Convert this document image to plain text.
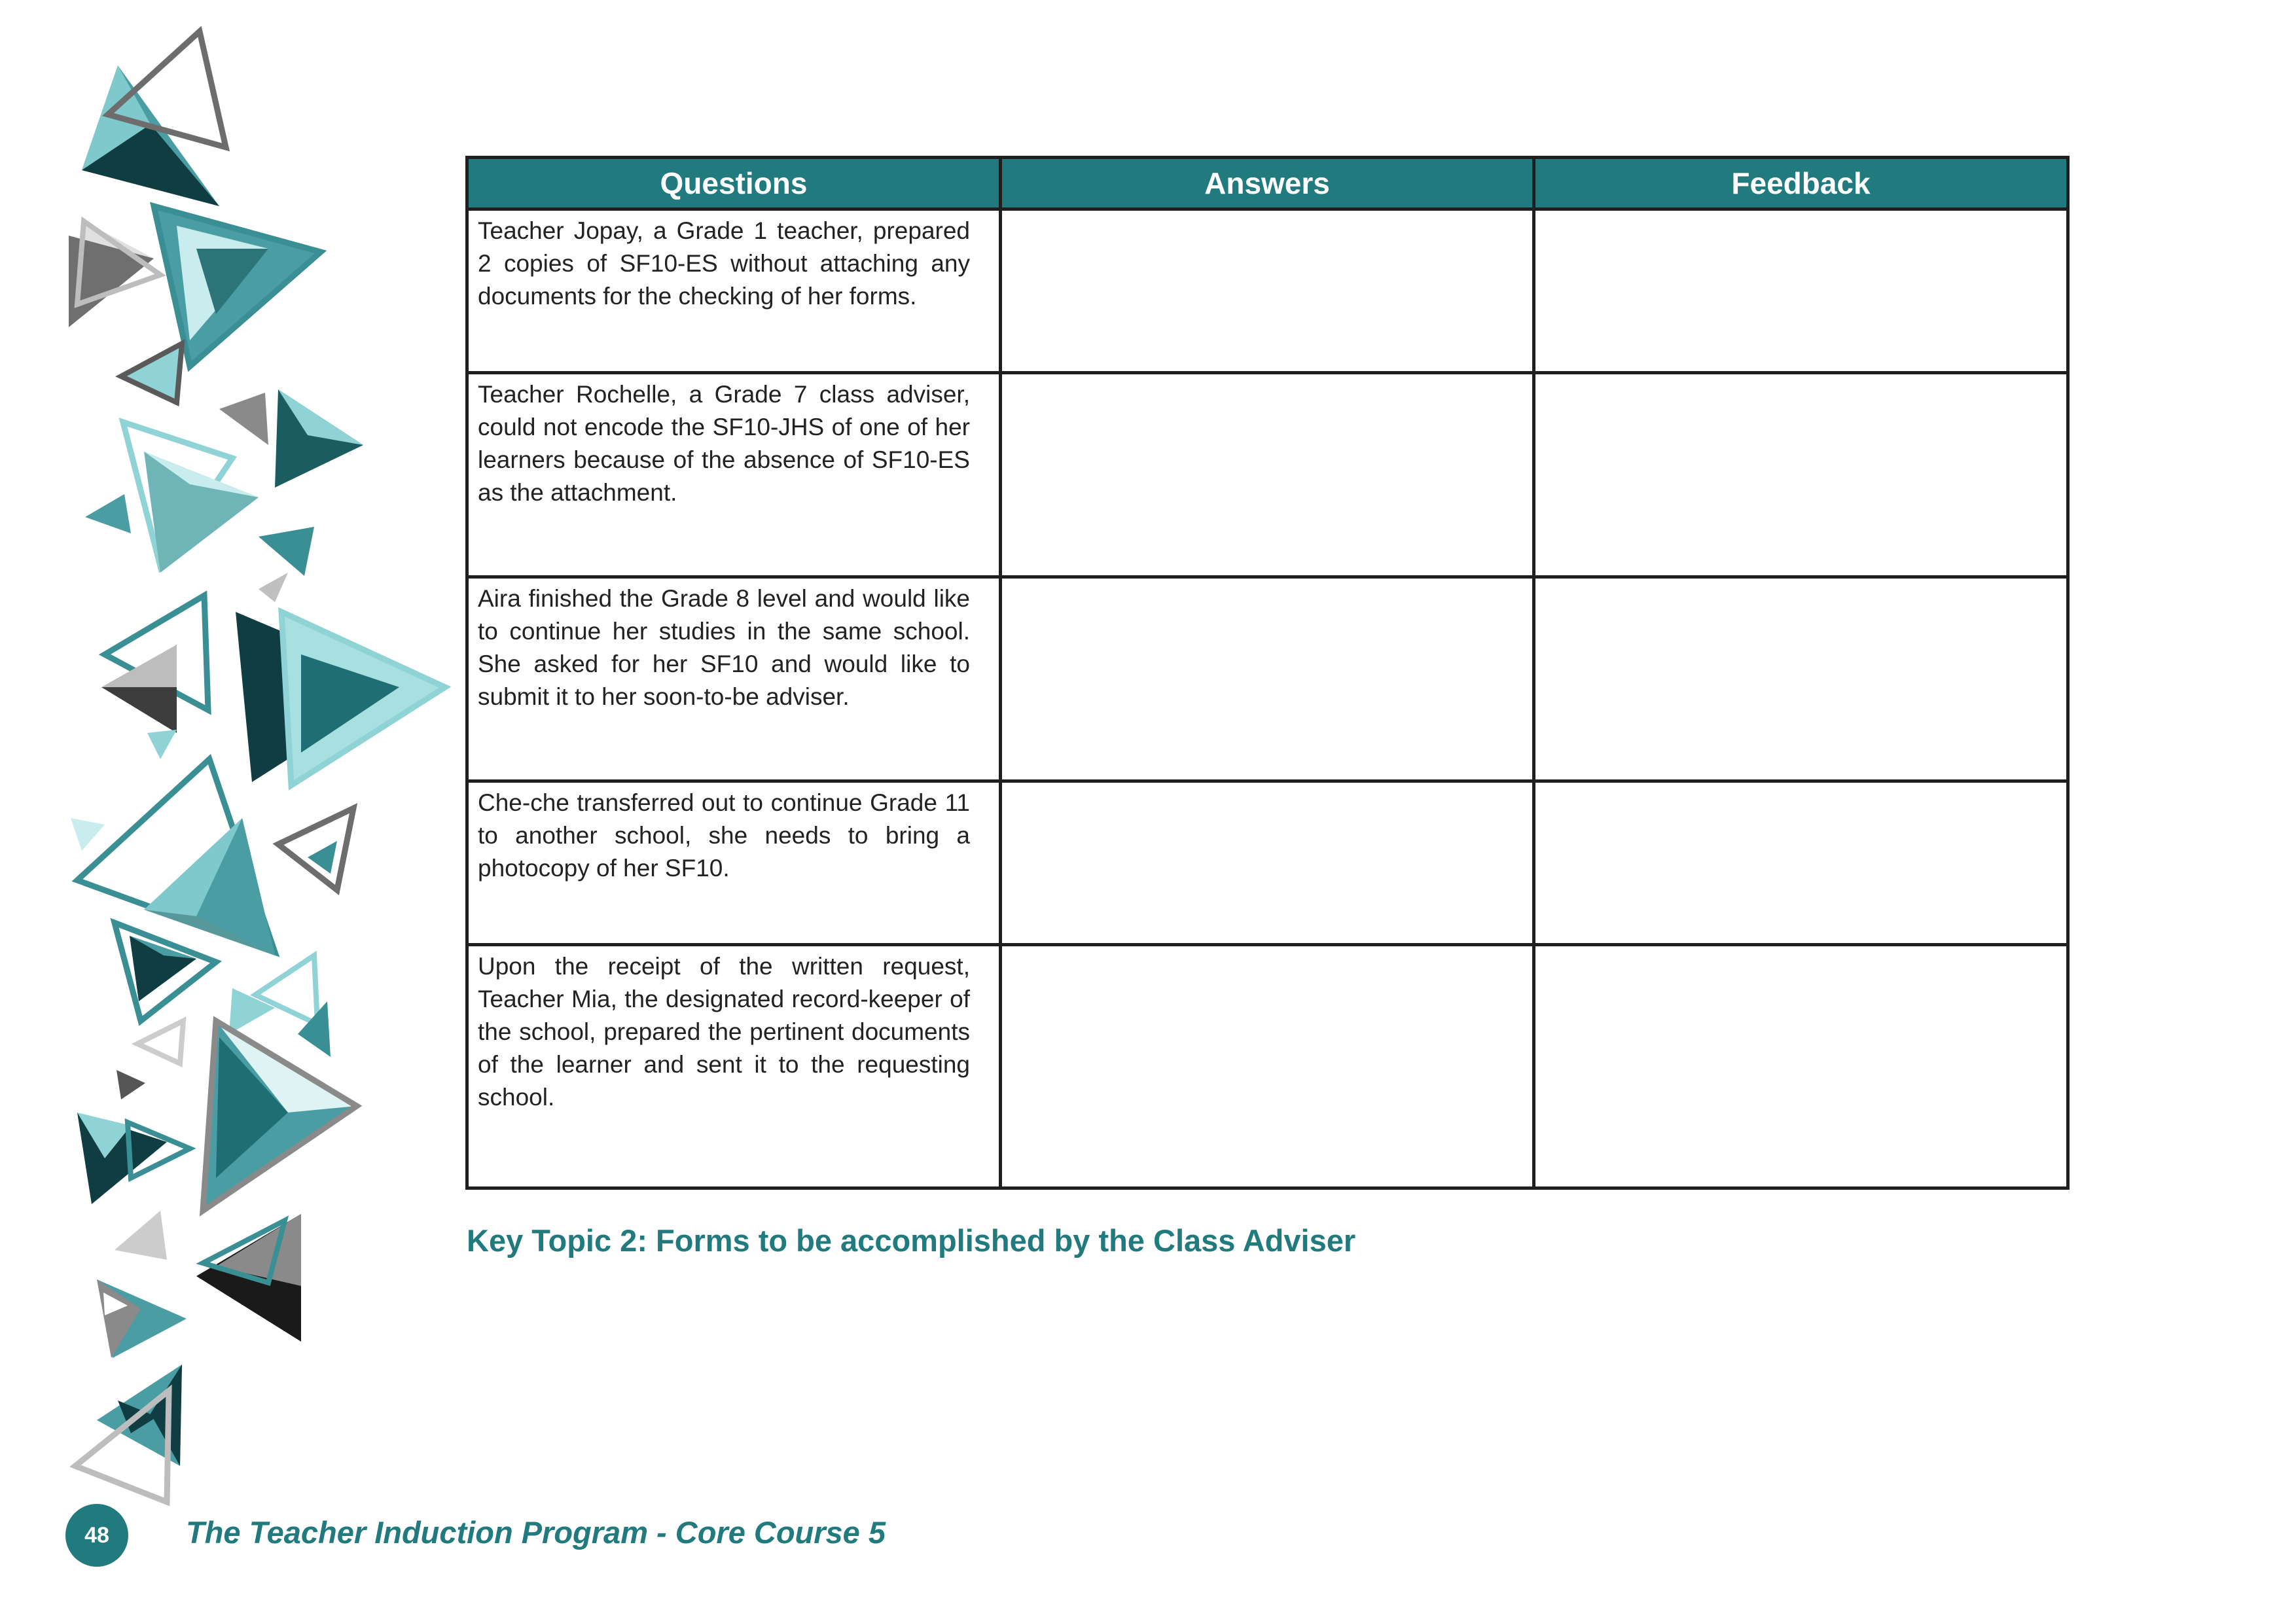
Questions	Answers	Feedback
Teacher Jopay, a Grade 1 teacher, prepared 2 copies of SF10-ES without attaching any documents for the checking of her forms.		
Teacher Rochelle, a Grade 7 class adviser, could not encode the SF10-JHS of one of her learners because of the absence of SF10-ES as the attachment.		
Aira finished the Grade 8 level and would like to continue her studies in the same school. She asked for her SF10 and would like to submit it to her soon-to-be adviser.		
Che-che transferred out to continue Grade 11 to another school, she needs to bring a photocopy of her SF10.		
Upon the receipt of the written request, Teacher Mia, the designated record-keeper of the school, prepared the pertinent documents of the learner and sent it to the requesting school.		
Key Topic 2: Forms to be accomplished by the Class Adviser
48	The Teacher Induction Program - Core Course 5
